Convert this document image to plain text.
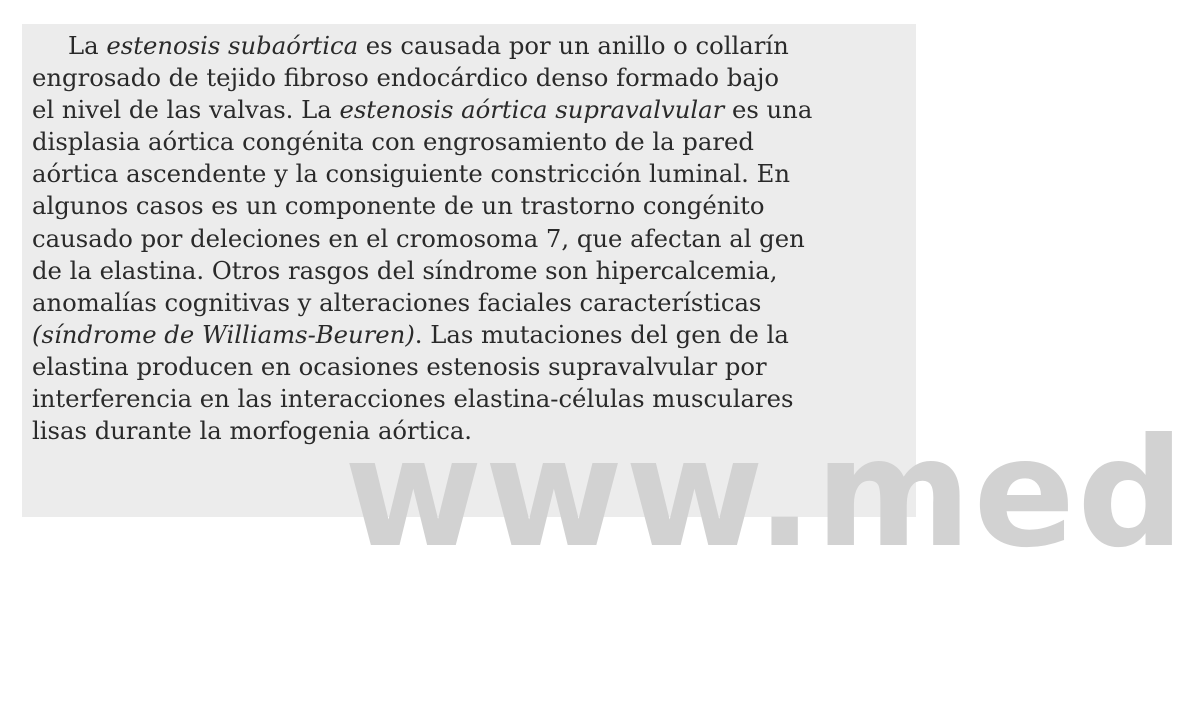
www.med

La estenosis subaórtica es causada por un anillo o collarín
engrosado de tejido fibroso endocárdico denso formado bajo
el nivel de las valvas. La estenosis aórtica supravalvular es una
displasia aórtica congénita con engrosamiento de la pared
aórtica ascendente y la consiguiente constricción luminal. En
algunos casos es un componente de un trastorno congénito
causado por deleciones en el cromosoma 7, que afectan al gen
de la elastina. Otros rasgos del síndrome son hipercalcemia,
anomalías cognitivas y alteraciones faciales características
(síndrome de Williams-Beuren). Las mutaciones del gen de la
elastina producen en ocasiones estenosis supravalvular por
interferencia en las interacciones elastina-células musculares
lisas durante la morfogenia aórtica.
